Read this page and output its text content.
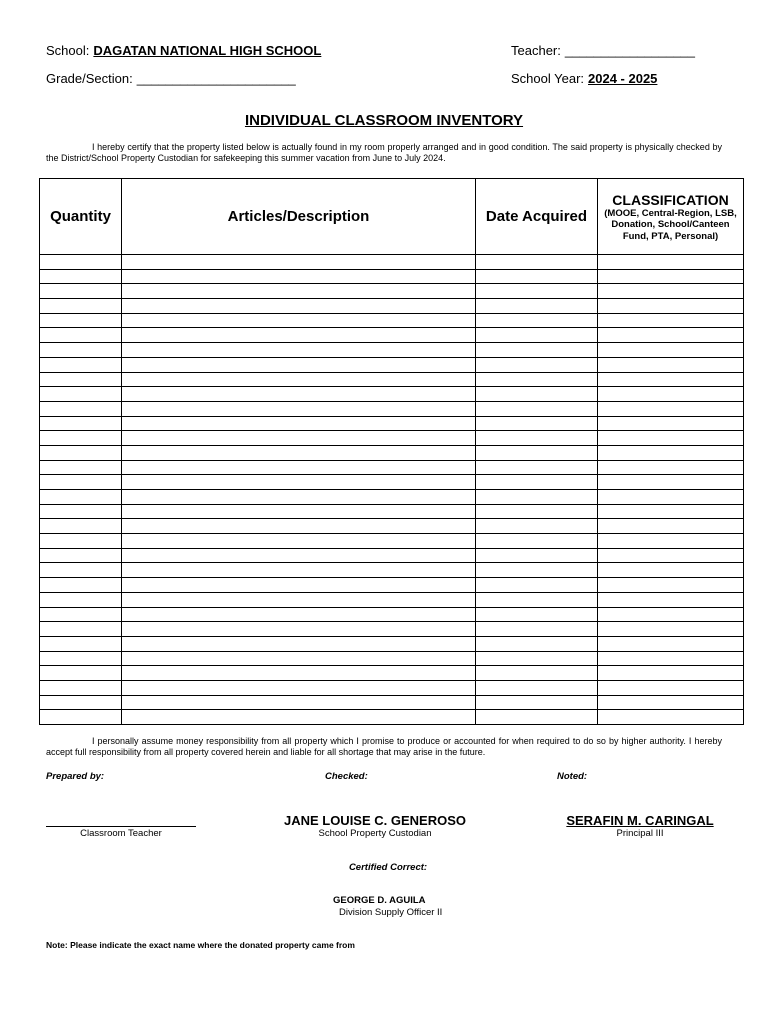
School: DAGATAN NATIONAL HIGH SCHOOL	Teacher: __________________
Grade/Section: ______________________	School Year: 2024 - 2025
INDIVIDUAL CLASSROOM INVENTORY
I hereby certify that the property listed below is actually found in my room properly arranged and in good condition. The said property is physically checked by the District/School Property Custodian for safekeeping this summer vacation from June to July 2024.
Quantity	Articles/Description	Date Acquired	CLASSIFICATION
(MOOE, Central-Region, LSB, Donation, School/Canteen Fund, PTA, Personal)

I personally assume money responsibility from all property which I promise to produce or accounted for when required to do so by higher authority. I hereby accept full responsibility from all property covered herein and liable for all shortage that may arise in the future.
Prepared by:	Checked:	Noted:
Classroom Teacher
JANE LOUISE C. GENEROSO
School Property Custodian
SERAFIN M. CARINGAL
Principal III
Certified Correct:
GEORGE D. AGUILA
Division Supply Officer II
Note: Please indicate the exact name where the donated property came from
